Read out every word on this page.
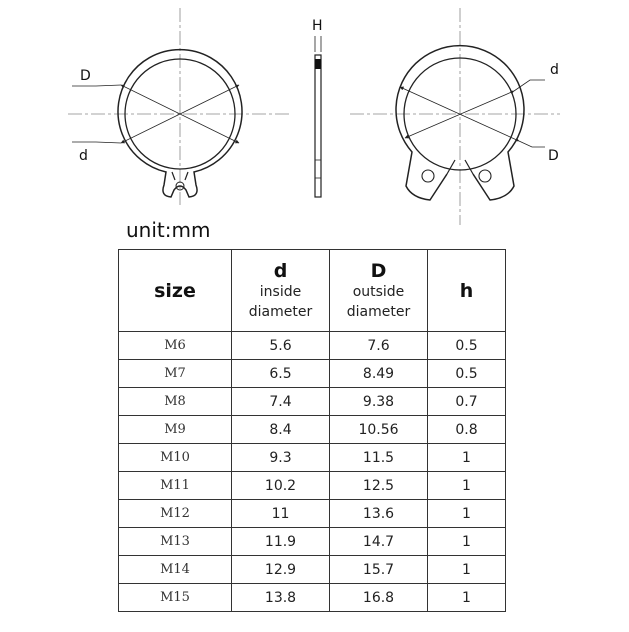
D
d
H
d
D
unit:mm
size	d
inside
diameter	D
outside
diameter	h

M6	5.6	7.6	0.5
M7	6.5	8.49	0.5
M8	7.4	9.38	0.7
M9	8.4	10.56	0.8
M10	9.3	11.5	1
M11	10.2	12.5	1
M12	11	13.6	1
M13	11.9	14.7	1
M14	12.9	15.7	1
M15	13.8	16.8	1
